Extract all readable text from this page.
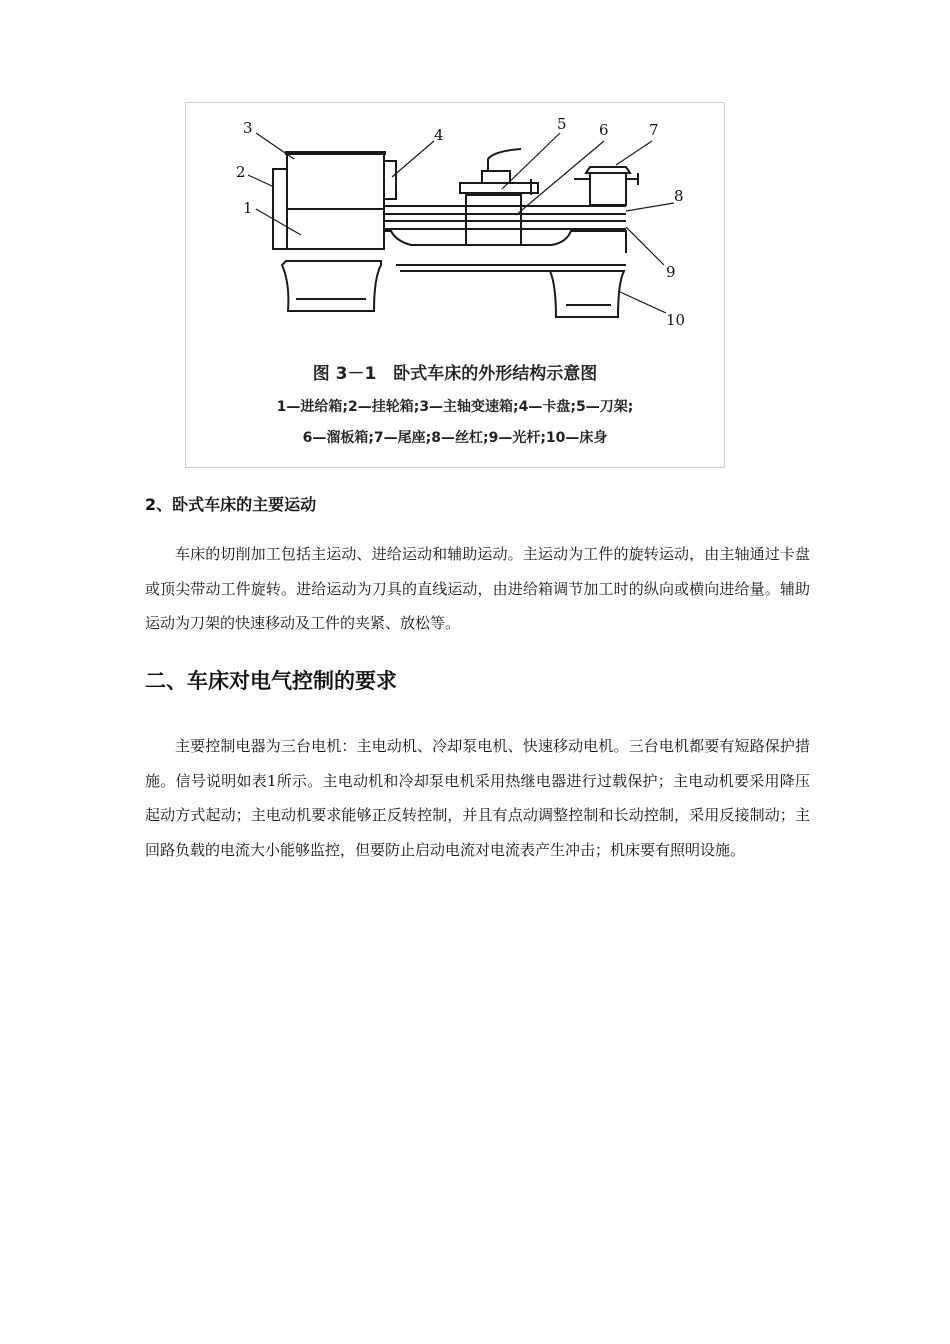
3
2
1
4
5 6	7
8
9
10
图 3－1　卧式车床的外形结构示意图
1—进给箱;2—挂轮箱;3—主轴变速箱;4—卡盘;5—刀架;
6—溜板箱;7—尾座;8—丝杠;9—光杆;10—床身
2、卧式车床的主要运动

车床的切削加工包括主运动、进给运动和辅助运动。主运动为工件的旋转运动，由主轴通过卡盘或顶尖带动工件旋转。进给运动为刀具的直线运动，由进给箱调节加工时的纵向或横向进给量。辅助运动为刀架的快速移动及工件的夹紧、放松等。

二、车床对电气控制的要求

主要控制电器为三台电机：主电动机、冷却泵电机、快速移动电机。三台电机都要有短路保护措施。信号说明如表1所示。主电动机和冷却泵电机采用热继电器进行过载保护；主电动机要采用降压起动方式起动；主电动机要求能够正反转控制，并且有点动调整控制和长动控制，采用反接制动；主回路负载的电流大小能够监控，但要防止启动电流对电流表产生冲击；机床要有照明设施。
